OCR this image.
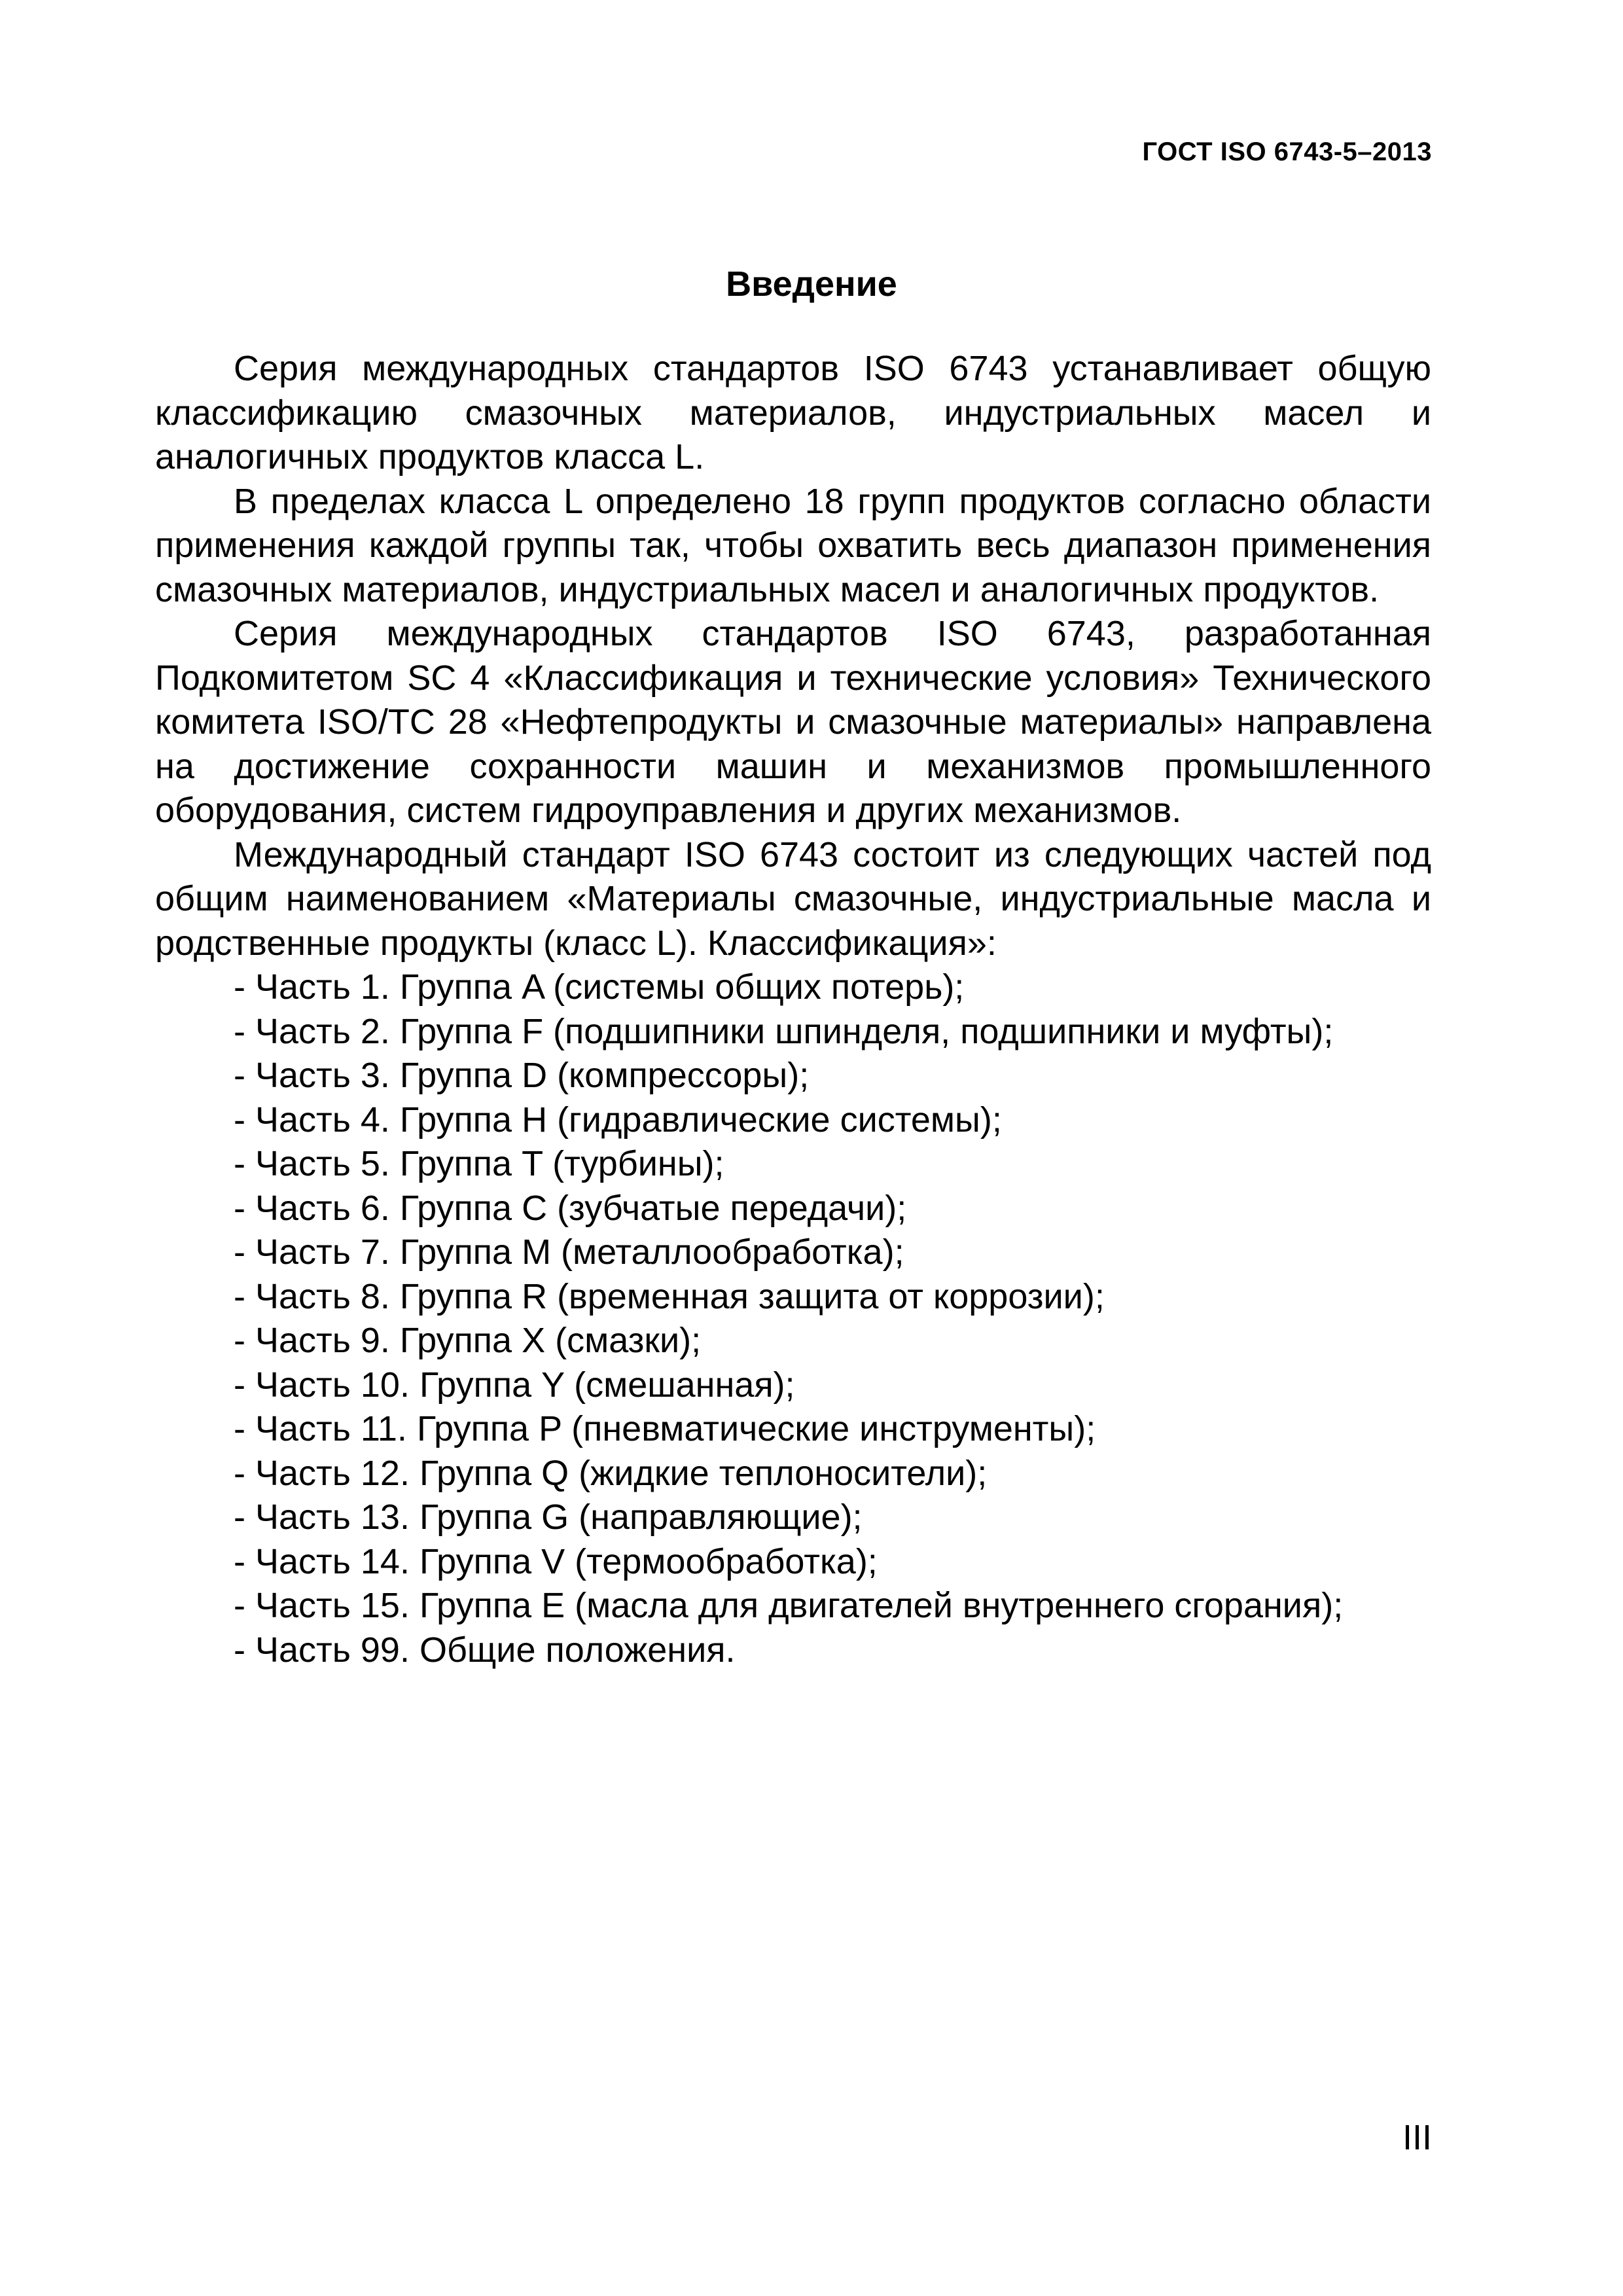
ГОСТ ISO 6743-5–2013
Введение

Серия международных стандартов ISO 6743 устанавливает общую классификацию смазочных материалов, индустриальных масел и аналогичных продуктов класса L.

В пределах класса L определено 18 групп продуктов согласно области применения каждой группы так, чтобы охватить весь диапазон применения смазочных материалов, индустриальных масел и аналогичных продуктов.

Серия международных стандартов ISO 6743, разработанная Подкомитетом SC 4 «Классификация и технические условия» Технического комитета ISO/TC 28 «Нефтепродукты и смазочные материалы» направлена на достижение сохранности машин и механизмов промышленного оборудования, систем гидроуправления и других механизмов.

Международный стандарт ISO 6743 состоит из следующих частей под общим наименованием «Материалы смазочные, индустриальные масла и родственные продукты (класс L). Классификация»:

- Часть 1. Группа A (системы общих потерь);
- Часть 2. Группа F (подшипники шпинделя, подшипники и муфты);
- Часть 3. Группа D (компрессоры);
- Часть 4. Группа H (гидравлические системы);
- Часть 5. Группа T (турбины);
- Часть 6. Группа C (зубчатые передачи);
- Часть 7. Группа M (металлообработка);
- Часть 8. Группа R (временная защита от коррозии);
- Часть 9. Группа X (смазки);
- Часть 10. Группа Y (смешанная);
- Часть 11. Группа P (пневматические инструменты);
- Часть 12. Группа Q (жидкие теплоносители);
- Часть 13. Группа G (направляющие);
- Часть 14. Группа V (термообработка);
- Часть 15. Группа E (масла для двигателей внутреннего сгорания);
- Часть 99. Общие положения.
III
